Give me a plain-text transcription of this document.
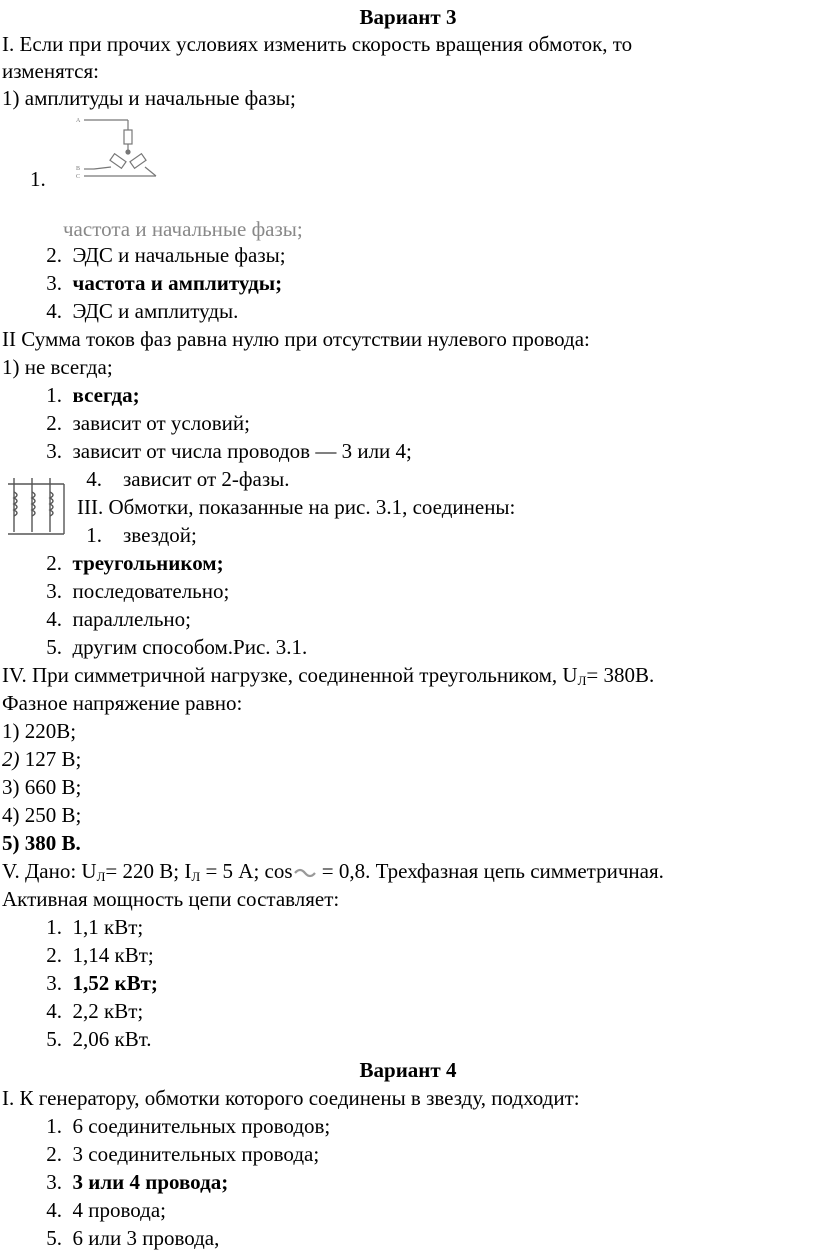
Вариант 3
I. Если при прочих условиях изменить скорость вращения обмоток, то
изменятся:
1) амплитуды и начальные фазы;
A
B
C
1.
частота и начальные фазы;
2. ЭДС и начальные фазы;
3. частота и амплитуды;
4. ЭДС и амплитуды.
II Сумма токов фаз равна нулю при отсутствии нулевого провода:
1) не всегда;
1. всегда;
2. зависит от условий;
3. зависит от числа проводов — 3 или 4;
4. зависит от 2-фазы.
III. Обмотки, показанные на рис. 3.1, соединены:
1. звездой;
2. треугольником;
3. последовательно;
4. параллельно;
5. другим способом.Рис. 3.1.
IV. При симметричной нагрузке, соединенной треугольником, $U_Л= 380В$.
Фазное напряжение равно:
1) 220В;
2) 127 В;
3) 660 В;
4) 250 В;
5) 380 В.
V. Дано: $U_Л= 220$ В; $I_Л = 5$ А; cos = 0,8. Трехфазная цепь симметричная.
Активная мощность цепи составляет:
1. 1,1 кВт;
2. 1,14 кВт;
3. 1,52 кВт;
4. 2,2 кВт;
5. 2,06 кВт.
Вариант 4
I. К генератору, обмотки которого соединены в звезду, подходит:
1. 6 соединительных проводов;
2. 3 соединительных провода;
3. 3 или 4 провода;
4. 4 провода;
5. 6 или 3 провода,
